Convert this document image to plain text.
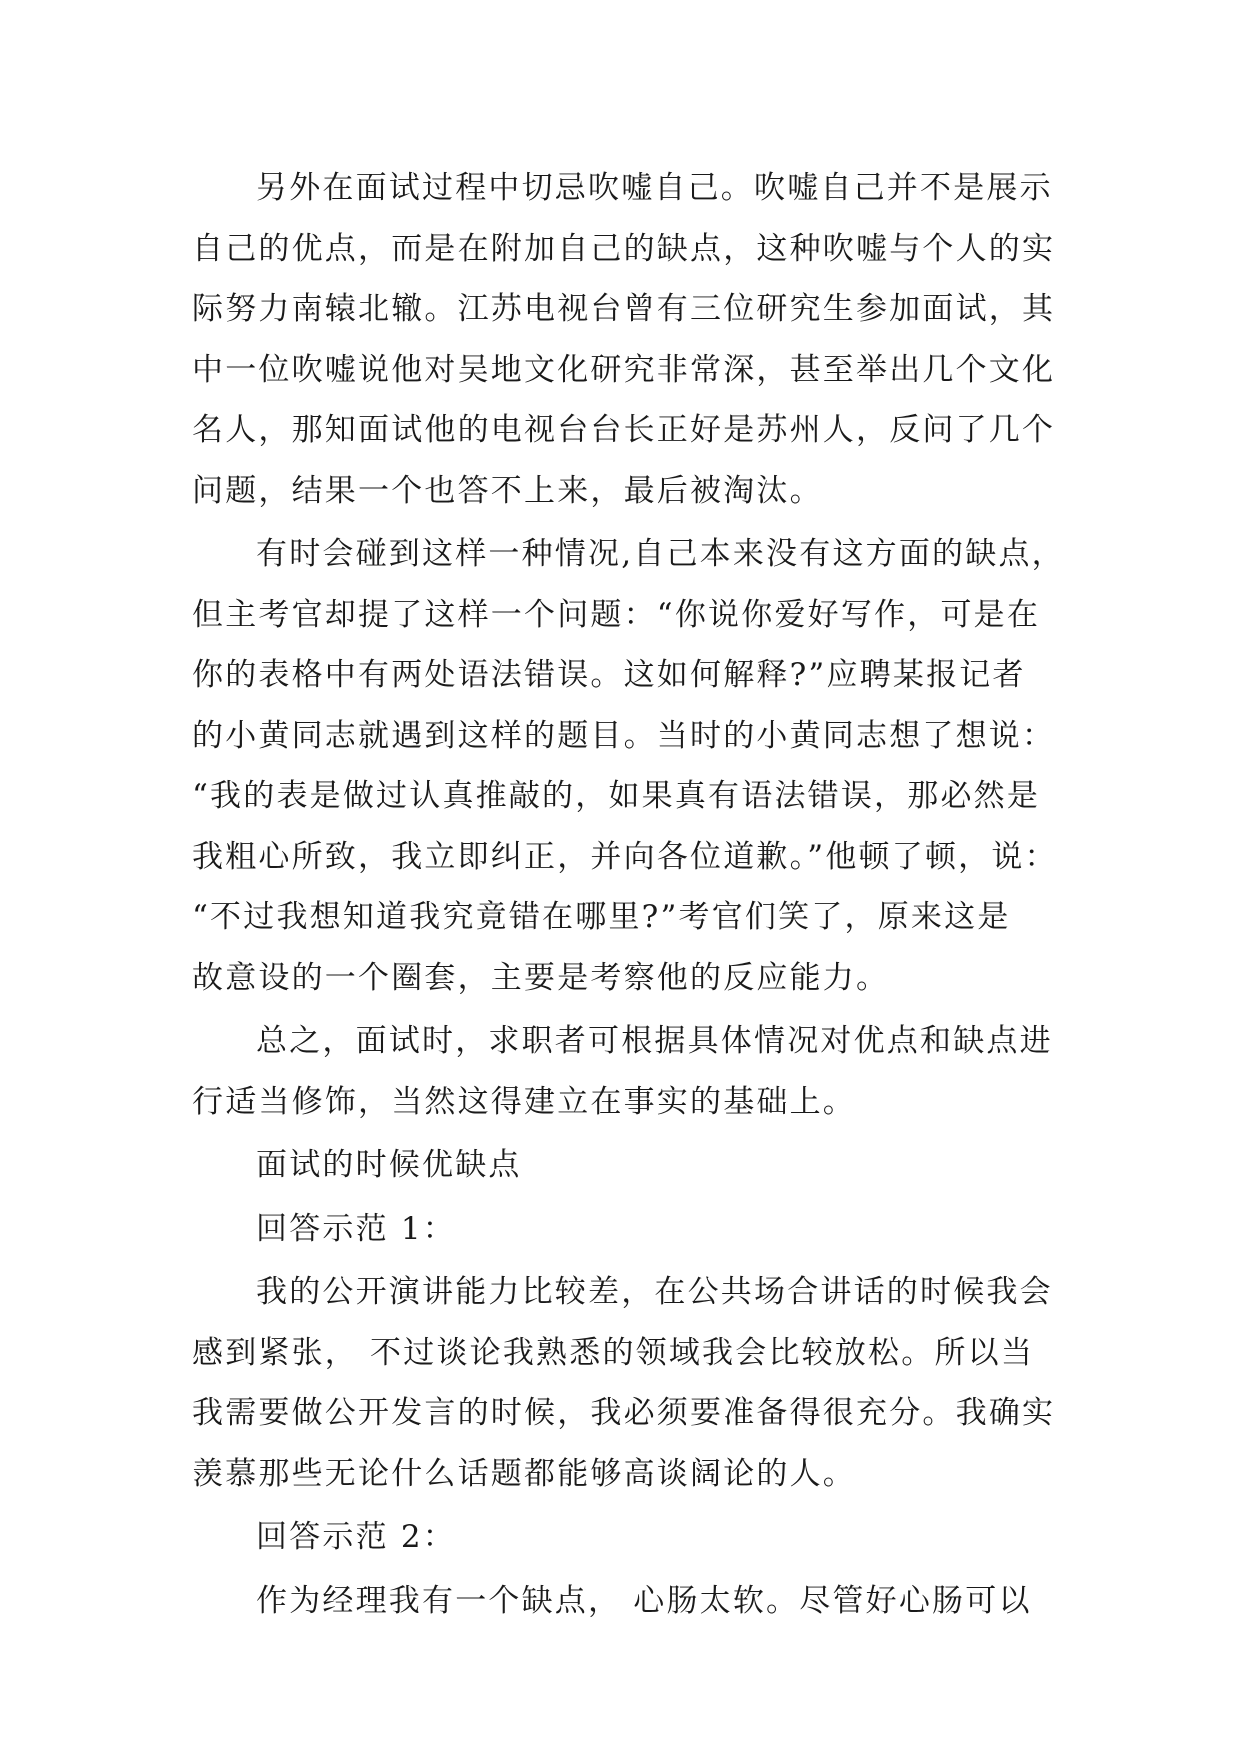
另外在面试过程中切忌吹嘘自己。吹嘘自己并不是展示
自己的优点，而是在附加自己的缺点，这种吹嘘与个人的实
际努力南辕北辙。江苏电视台曾有三位研究生参加面试，其
中一位吹嘘说他对吴地文化研究非常深，甚至举出几个文化
名人，那知面试他的电视台台长正好是苏州人，反问了几个
问题，结果一个也答不上来，最后被淘汰。
有时会碰到这样一种情况,自己本来没有这方面的缺点，
但主考官却提了这样一个问题：“你说你爱好写作，可是在
你的表格中有两处语法错误。这如何解释?”应聘某报记者
的小黄同志就遇到这样的题目。当时的小黄同志想了想说：
“我的表是做过认真推敲的，如果真有语法错误，那必然是
我粗心所致，我立即纠正，并向各位道歉。”他顿了顿，说：
“不过我想知道我究竟错在哪里?”考官们笑了，原来这是
故意设的一个圈套，主要是考察他的反应能力。
总之，面试时，求职者可根据具体情况对优点和缺点进
行适当修饰，当然这得建立在事实的基础上。
面试的时候优缺点
回答示范 1：
我的公开演讲能力比较差，在公共场合讲话的时候我会
感到紧张， 不过谈论我熟悉的领域我会比较放松。所以当
我需要做公开发言的时候，我必须要准备得很充分。我确实
羡慕那些无论什么话题都能够高谈阔论的人。
回答示范 2：
作为经理我有一个缺点， 心肠太软。尽管好心肠可以
